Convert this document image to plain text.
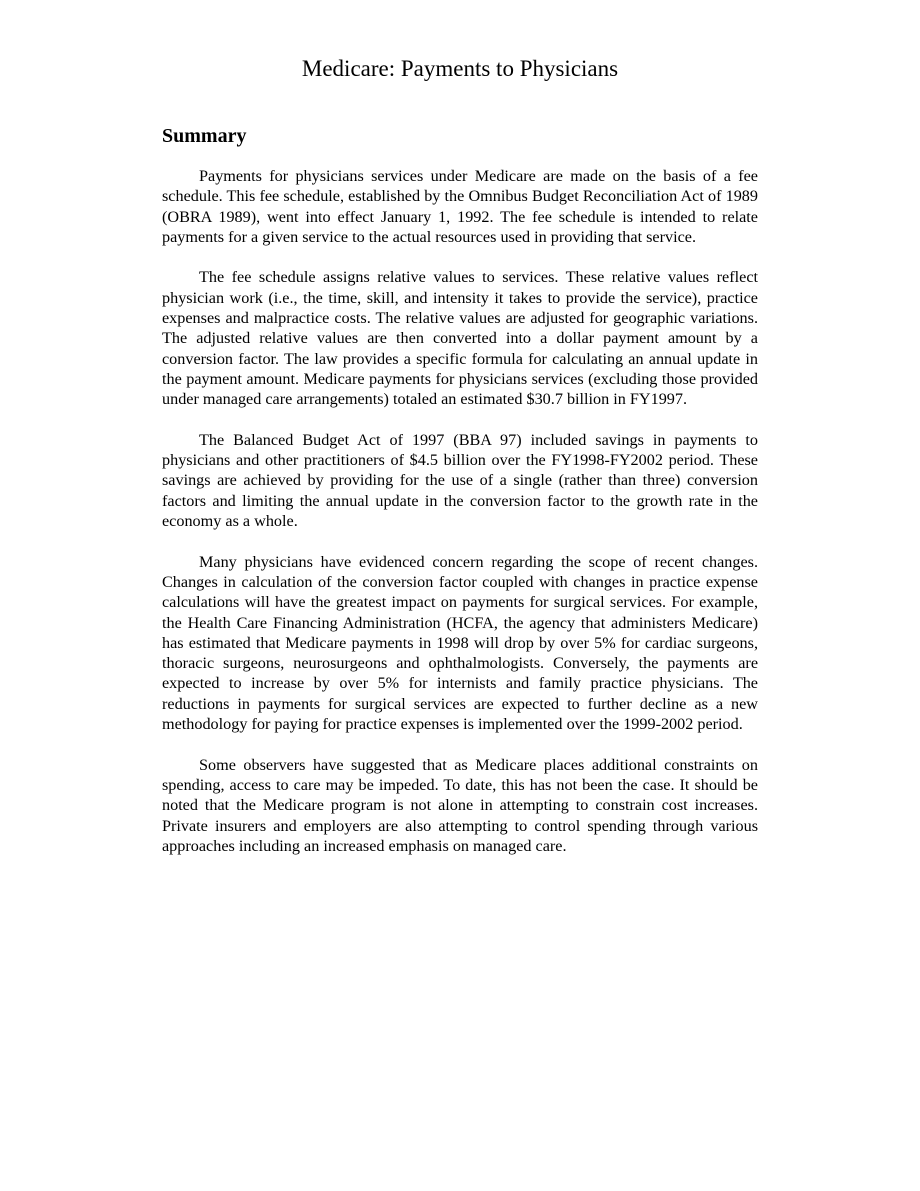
Medicare: Payments to Physicians
Summary

Payments for physicians services under Medicare are made on the basis of a fee schedule. This fee schedule, established by the Omnibus Budget Reconciliation Act of 1989 (OBRA 1989), went into effect January 1, 1992. The fee schedule is intended to relate payments for a given service to the actual resources used in providing that service.

The fee schedule assigns relative values to services. These relative values reflect physician work (i.e., the time, skill, and intensity it takes to provide the service), practice expenses and malpractice costs. The relative values are adjusted for geographic variations. The adjusted relative values are then converted into a dollar payment amount by a conversion factor. The law provides a specific formula for calculating an annual update in the payment amount. Medicare payments for physicians services (excluding those provided under managed care arrangements) totaled an estimated $30.7 billion in FY1997.

The Balanced Budget Act of 1997 (BBA 97) included savings in payments to physicians and other practitioners of $4.5 billion over the FY1998-FY2002 period. These savings are achieved by providing for the use of a single (rather than three) conversion factors and limiting the annual update in the conversion factor to the growth rate in the economy as a whole.

Many physicians have evidenced concern regarding the scope of recent changes. Changes in calculation of the conversion factor coupled with changes in practice expense calculations will have the greatest impact on payments for surgical services. For example, the Health Care Financing Administration (HCFA, the agency that administers Medicare) has estimated that Medicare payments in 1998 will drop by over 5% for cardiac surgeons, thoracic surgeons, neurosurgeons and ophthalmologists. Conversely, the payments are expected to increase by over 5% for internists and family practice physicians. The reductions in payments for surgical services are expected to further decline as a new methodology for paying for practice expenses is implemented over the 1999-2002 period.

Some observers have suggested that as Medicare places additional constraints on spending, access to care may be impeded. To date, this has not been the case. It should be noted that the Medicare program is not alone in attempting to constrain cost increases. Private insurers and employers are also attempting to control spending through various approaches including an increased emphasis on managed care.
